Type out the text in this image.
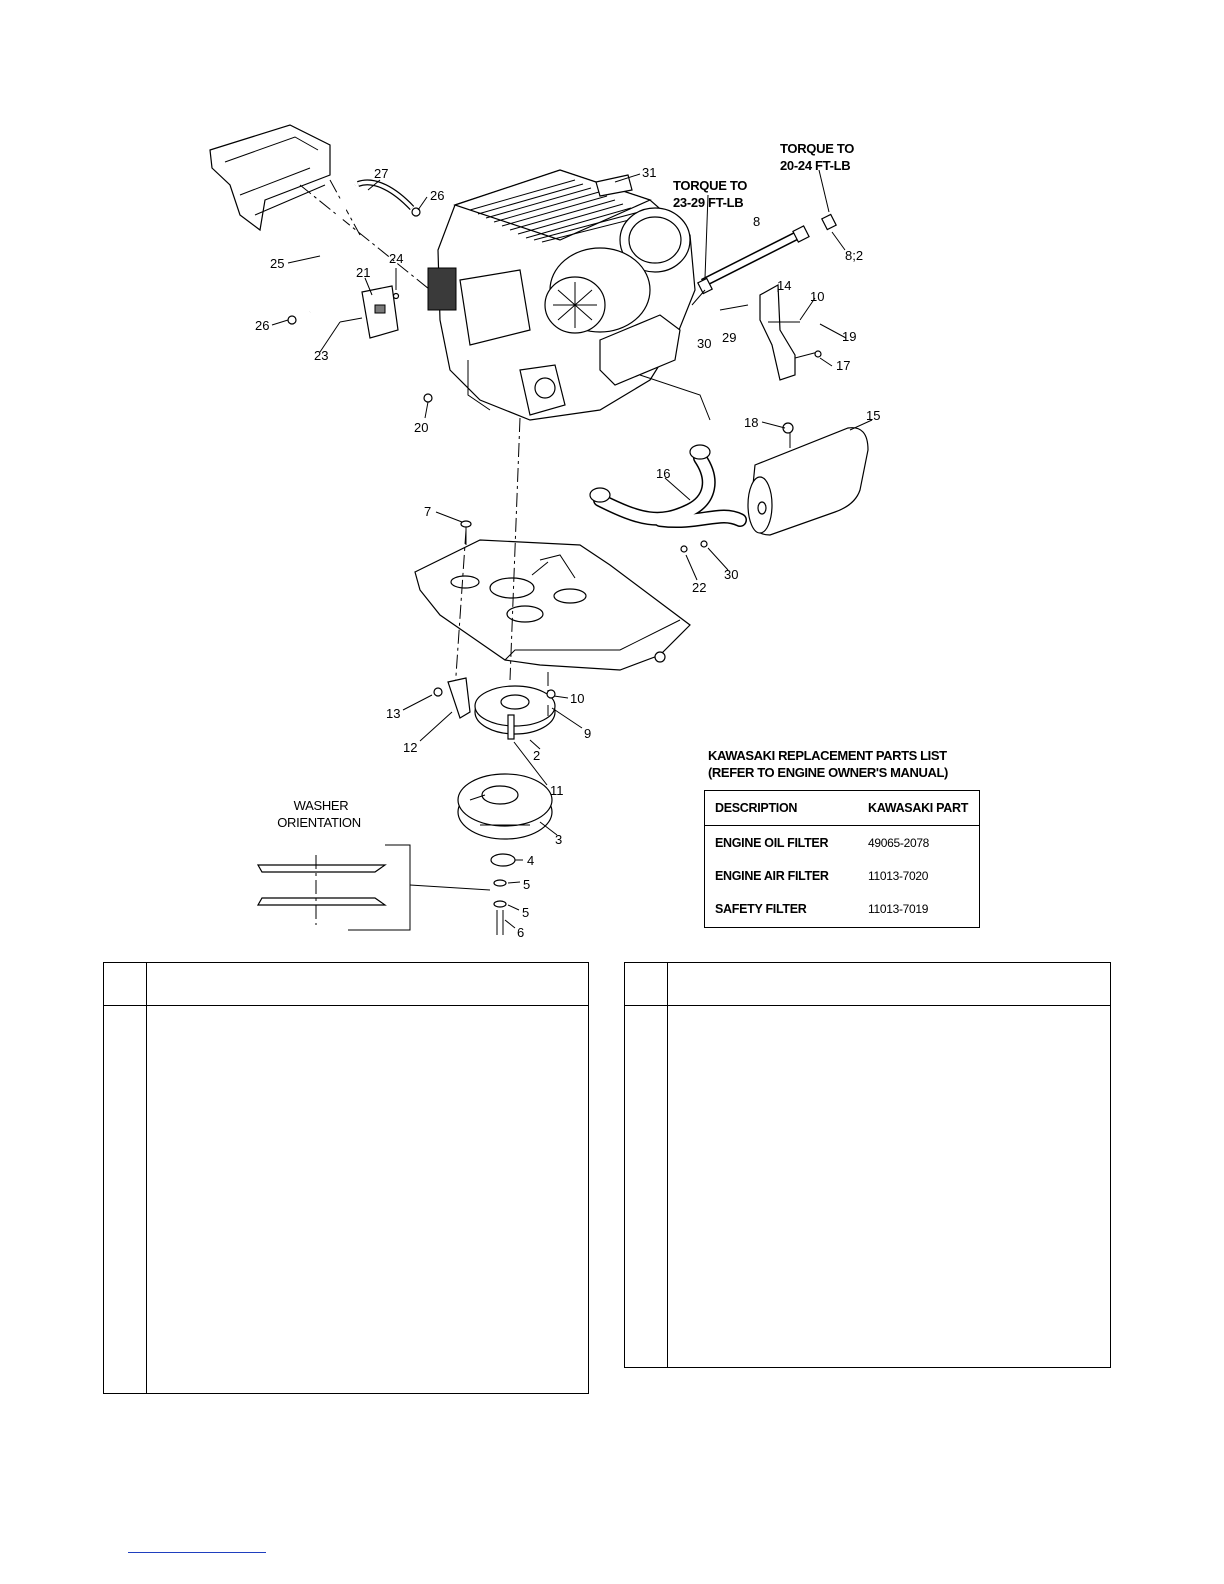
27
26
25
21
24
26
23
20
31
8
8;2
14
10
19
17
29
30
18	15
16
22
30
7
10
9
13
12
2
11
3
4
5
5
6
TORQUE TO
20-24 FT-LB
TORQUE TO
23-29 FT-LB
WASHER
ORIENTATION
KAWASAKI REPLACEMENT PARTS LIST
(REFER TO ENGINE OWNER'S MANUAL)
DESCRIPTION	KAWASAKI PART
ENGINE OIL FILTER	49065-2078
ENGINE AIR FILTER	11013-7020
SAFETY FILTER	11013-7019
